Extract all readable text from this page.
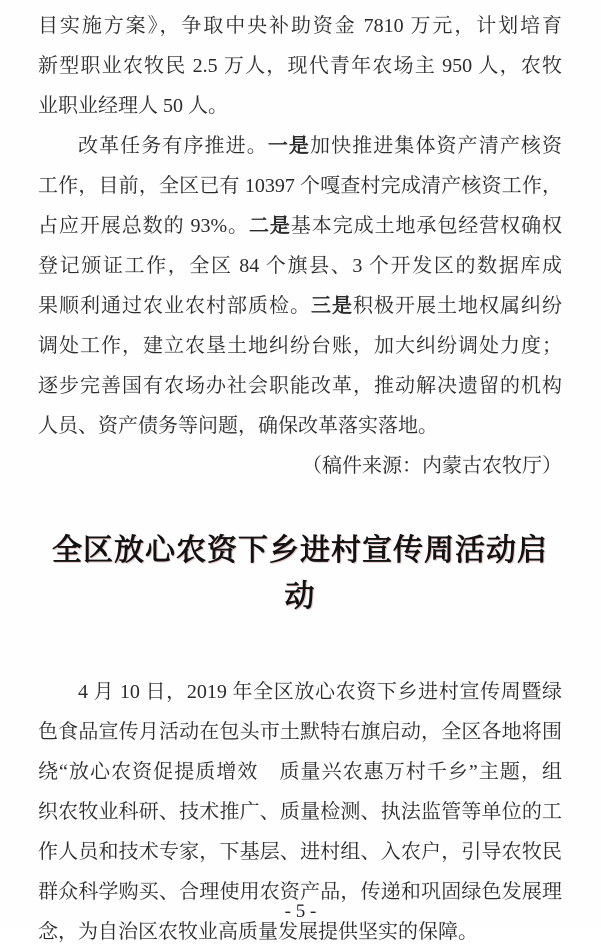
目实施方案》，争取中央补助资金 7810 万元，计划培育
新型职业农牧民 2.5 万人，现代青年农场主 950 人，农牧
业职业经理人 50 人。
改革任务有序推进。一是加快推进集体资产清产核资
工作，目前，全区已有 10397 个嘎查村完成清产核资工作，
占应开展总数的 93%。二是基本完成土地承包经营权确权
登记颁证工作，全区 84 个旗县、3 个开发区的数据库成
果顺利通过农业农村部质检。三是积极开展土地权属纠纷
调处工作，建立农垦土地纠纷台账，加大纠纷调处力度；
逐步完善国有农场办社会职能改革，推动解决遗留的机构
人员、资产债务等问题，确保改革落实落地。
（稿件来源：内蒙古农牧厅）
全区放心农资下乡进村宣传周活动启动
4 月 10 日，2019 年全区放心农资下乡进村宣传周暨绿
色食品宣传月活动在包头市土默特右旗启动，全区各地将围
绕“放心农资促提质增效　质量兴农惠万村千乡”主题，组
织农牧业科研、技术推广、质量检测、执法监管等单位的工
作人员和技术专家，下基层、进村组、入农户，引导农牧民
群众科学购买、合理使用农资产品，传递和巩固绿色发展理
念，为自治区农牧业高质量发展提供坚实的保障。
- 5 -
